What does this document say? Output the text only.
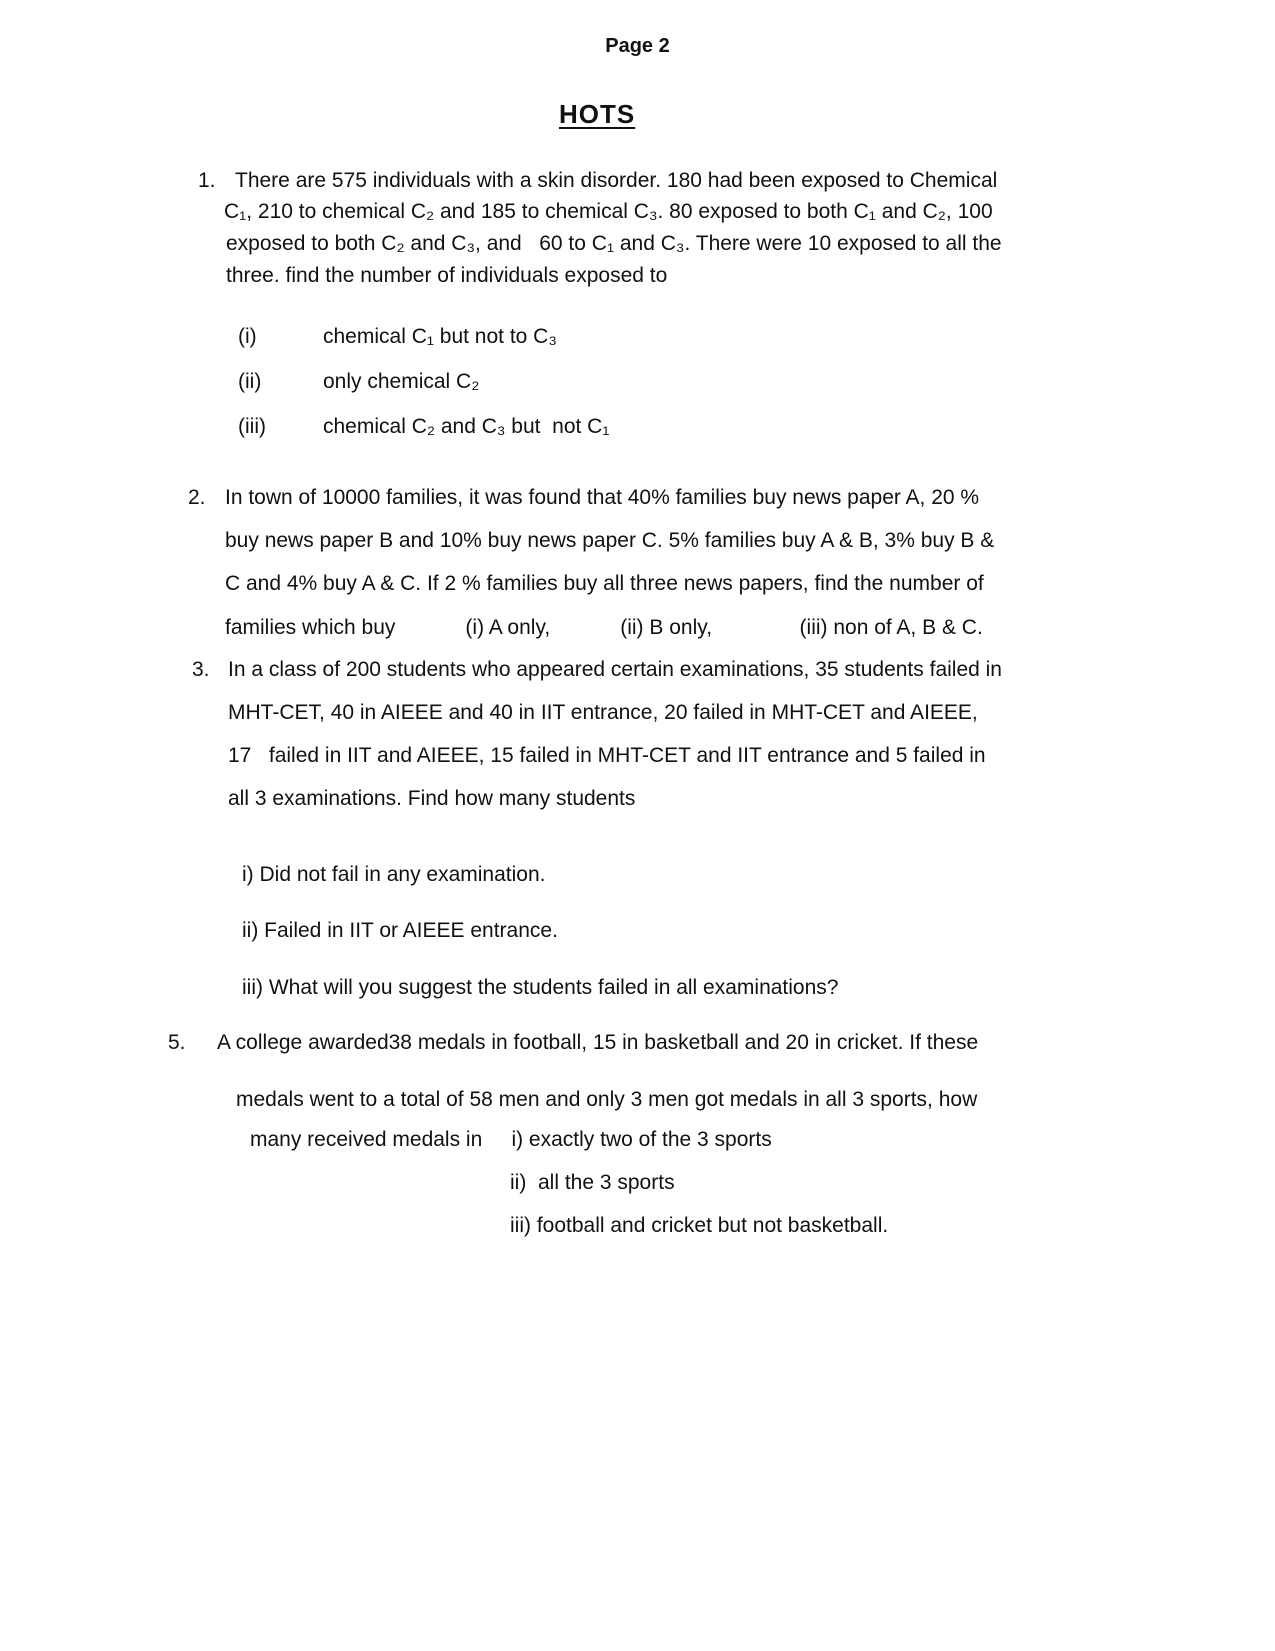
Page 2
HOTS
1. There are 575 individuals with a skin disorder. 180 had been exposed to Chemical
C₁, 210 to chemical C₂ and 185 to chemical C₃. 80 exposed to both C₁ and C₂, 100
exposed to both C₂ and C₃, and   60 to C₁ and C₃. There were 10 exposed to all the
three. find the number of individuals exposed to
(i)	chemical C₁ but not to C₃
(ii)	only chemical C₂
(iii)	chemical C₂ and C₃ but  not C₁
2. In town of 10000 families, it was found that 40% families buy news paper A, 20 %
buy news paper B and 10% buy news paper C. 5% families buy A & B, 3% buy B &
C and 4% buy A & C. If 2 % families buy all three news papers, find the number of
families which buy            (i) A only,            (ii) B only,               (iii) non of A, B & C.
3. In a class of 200 students who appeared certain examinations, 35 students failed in
MHT-CET, 40 in AIEEE and 40 in IIT entrance, 20 failed in MHT-CET and AIEEE,
17   failed in IIT and AIEEE, 15 failed in MHT-CET and IIT entrance and 5 failed in
all 3 examinations. Find how many students
i) Did not fail in any examination.
ii) Failed in IIT or AIEEE entrance.
iii) What will you suggest the students failed in all examinations?
5. A college awarded38 medals in football, 15 in basketball and 20 in cricket. If these
medals went to a total of 58 men and only 3 men got medals in all 3 sports, how
many received medals in     i) exactly two of the 3 sports
ii)  all the 3 sports
iii) football and cricket but not basketball.
